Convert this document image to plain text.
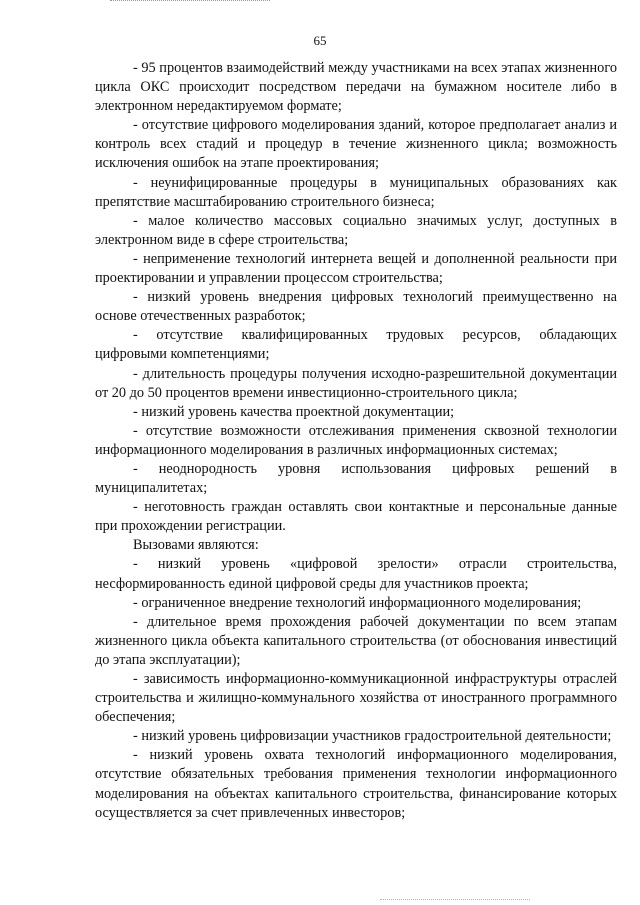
65

- 95 процентов взаимодействий между участниками на всех этапах жизненного цикла ОКС происходит посредством передачи на бумажном носителе либо в электронном нередактируемом формате;

- отсутствие цифрового моделирования зданий, которое предполагает анализ и контроль всех стадий и процедур в течение жизненного цикла; возможность исключения ошибок на этапе проектирования;

- неунифицированные процедуры в муниципальных образованиях как препятствие масштабированию строительного бизнеса;

- малое количество массовых социально значимых услуг, доступных в электронном виде в сфере строительства;

- неприменение технологий интернета вещей и дополненной реальности при проектировании и управлении процессом строительства;

- низкий уровень внедрения цифровых технологий преимущественно на основе отечественных разработок;

- отсутствие квалифицированных трудовых ресурсов, обладающих цифровыми компетенциями;

- длительность процедуры получения исходно-разрешительной документации от 20 до 50 процентов времени инвестиционно-строительного цикла;

- низкий уровень качества проектной документации;

- отсутствие возможности отслеживания применения сквозной технологии информационного моделирования в различных информационных системах;

- неоднородность уровня использования цифровых решений в муниципалитетах;

- неготовность граждан оставлять свои контактные и персональные данные при прохождении регистрации.

Вызовами являются:

- низкий уровень «цифровой зрелости» отрасли строительства, несформированность единой цифровой среды для участников проекта;

- ограниченное внедрение технологий информационного моделирования;

- длительное время прохождения рабочей документации по всем этапам жизненного цикла объекта капитального строительства (от обоснования инвестиций до этапа эксплуатации);

- зависимость информационно-коммуникационной инфраструктуры отраслей строительства и жилищно-коммунального хозяйства от иностранного программного обеспечения;

- низкий уровень цифровизации участников градостроительной деятельности;

- низкий уровень охвата технологий информационного моделирования, отсутствие обязательных требования применения технологии информационного моделирования на объектах капитального строительства, финансирование которых осуществляется за счет привлеченных инвесторов;
